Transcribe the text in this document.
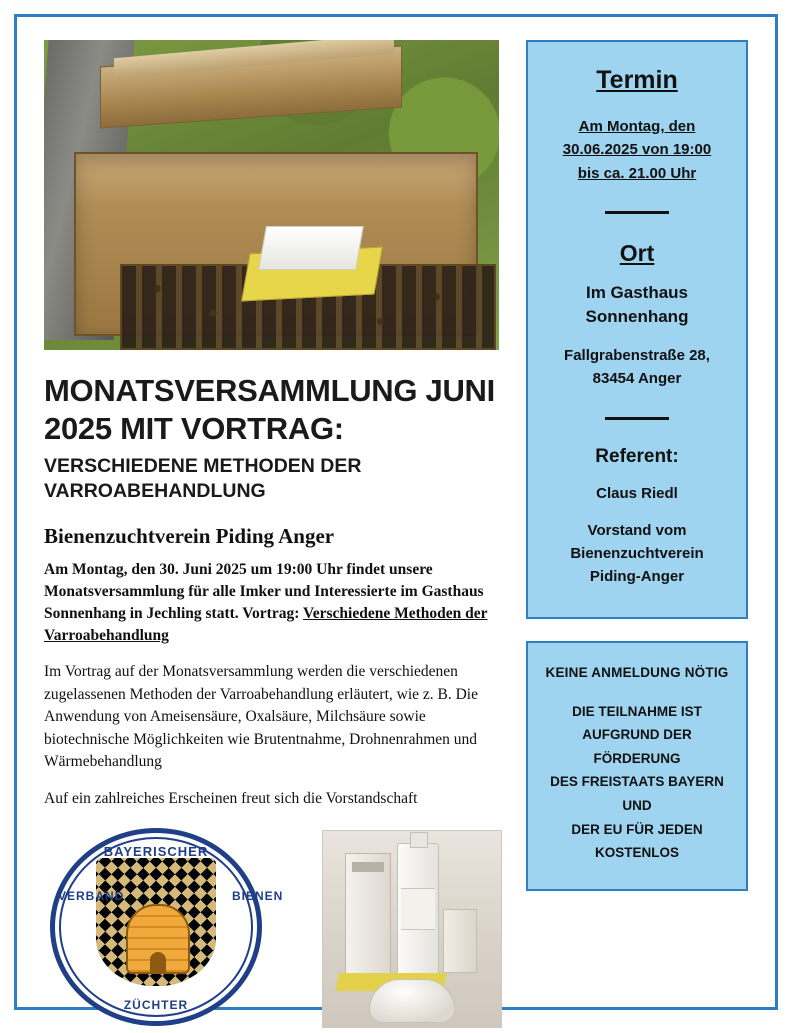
MONATSVERSAMMLUNG JUNI 2025 MIT VORTRAG:
VERSCHIEDENE METHODEN DER VARROABEHANDLUNG
Bienenzuchtverein Piding Anger
Am Montag, den 30. Juni 2025 um 19:00 Uhr findet unsere Monatsversammlung für alle Imker und Interessierte im Gasthaus Sonnenhang in Jechling statt. Vortrag: Verschiedene Methoden der Varroabehandlung
Im Vortrag auf der Monatsversammlung werden die verschiedenen zugelassenen Methoden der Varroabehandlung erläutert, wie z. B. Die Anwendung von Ameisensäure, Oxalsäure, Milchsäure sowie biotechnische Möglichkeiten wie Brutentnahme, Drohnenrahmen und Wärmebehandlung
Auf ein zahlreiches Erscheinen freut sich die Vorstandschaft
BAYERISCHER
VERBAND	BIENEN
ZÜCHTER
Termin
Am Montag, den
30.06.2025 von 19:00
bis ca. 21.00 Uhr
Ort
Im Gasthaus
Sonnenhang
Fallgrabenstraße 28,
83454 Anger
Referent:
Claus Riedl
Vorstand vom
Bienenzuchtverein
Piding-Anger
KEINE ANMELDUNG NÖTIG
DIE TEILNAHME IST
AUFGRUND DER FÖRDERUNG
DES FREISTAATS BAYERN UND
DER EU FÜR JEDEN
KOSTENLOS
